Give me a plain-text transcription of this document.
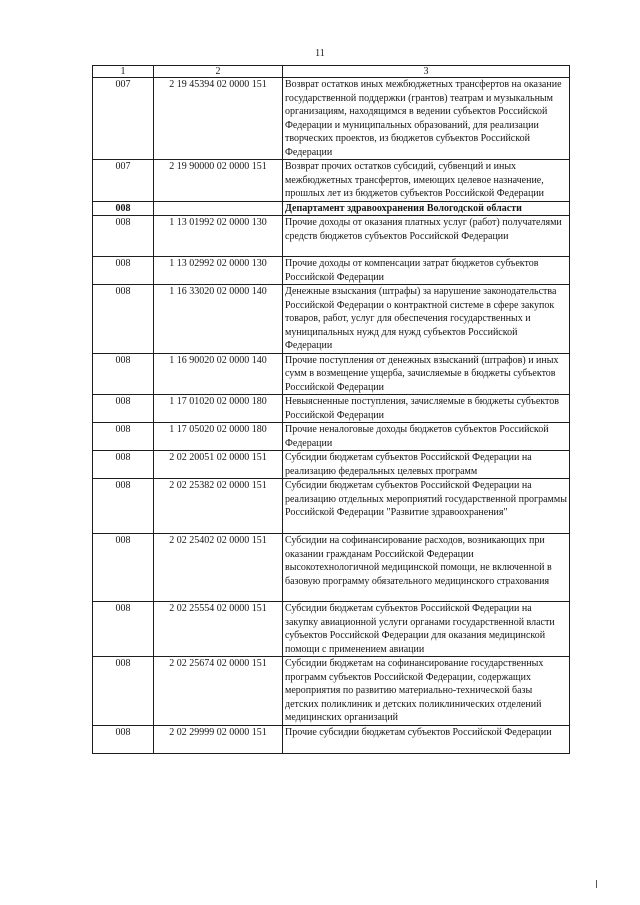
11
1	2	3
007	2 19 45394 02 0000 151	Возврат остатков иных межбюджетных трансфертов на оказание государственной поддержки (грантов) театрам и музыкальным организациям, находящимся в ведении субъектов Российской Федерации и муниципальных образований, для реализации творческих проектов, из бюджетов субъектов Российской Федерации
007	2 19 90000 02 0000 151	Возврат прочих остатков субсидий, субвенций и иных межбюджетных трансфертов, имеющих целевое назначение, прошлых лет из бюджетов субъектов Российской Федерации
008		Департамент здравоохранения Вологодской области
008	1 13 01992 02 0000 130	Прочие доходы от оказания платных услуг (работ) получателями средств бюджетов субъектов Российской Федерации
008	1 13 02992 02 0000 130	Прочие доходы от компенсации затрат бюджетов субъектов Российской Федерации
008	1 16 33020 02 0000 140	Денежные взыскания (штрафы) за нарушение законодательства Российской Федерации о контрактной системе в сфере закупок товаров, работ, услуг для обеспечения государственных и муниципальных нужд для нужд субъектов Российской Федерации
008	1 16 90020 02 0000 140	Прочие поступления от денежных взысканий (штрафов) и иных сумм в возмещение ущерба, зачисляемые в бюджеты субъектов Российской Федерации
008	1 17 01020 02 0000 180	Невыясненные поступления, зачисляемые в бюджеты субъектов Российской Федерации
008	1 17 05020 02 0000 180	Прочие неналоговые доходы бюджетов субъектов Российской Федерации
008	2 02 20051 02 0000 151	Субсидии бюджетам субъектов Российской Федерации на реализацию федеральных целевых программ
008	2 02 25382 02 0000 151	Субсидии бюджетам субъектов Российской Федерации на реализацию отдельных мероприятий государственной программы Российской Федерации "Развитие здравоохранения"
008	2 02 25402 02 0000 151	Субсидии на софинансирование расходов, возникающих при оказании гражданам Российской Федерации высокотехнологичной медицинской помощи, не включенной в базовую программу обязательного медицинского страхования
008	2 02 25554 02 0000 151	Субсидии бюджетам субъектов Российской Федерации на закупку авиационной услуги органами государственной власти субъектов Российской Федерации для оказания медицинской помощи с применением авиации
008	2 02 25674 02 0000 151	Субсидии бюджетам на софинансирование государственных программ субъектов Российской Федерации, содержащих мероприятия по развитию материально-технической базы детских поликлиник и детских поликлинических отделений медицинских организаций
008	2 02 29999 02 0000 151	Прочие субсидии бюджетам субъектов Российской Федерации
